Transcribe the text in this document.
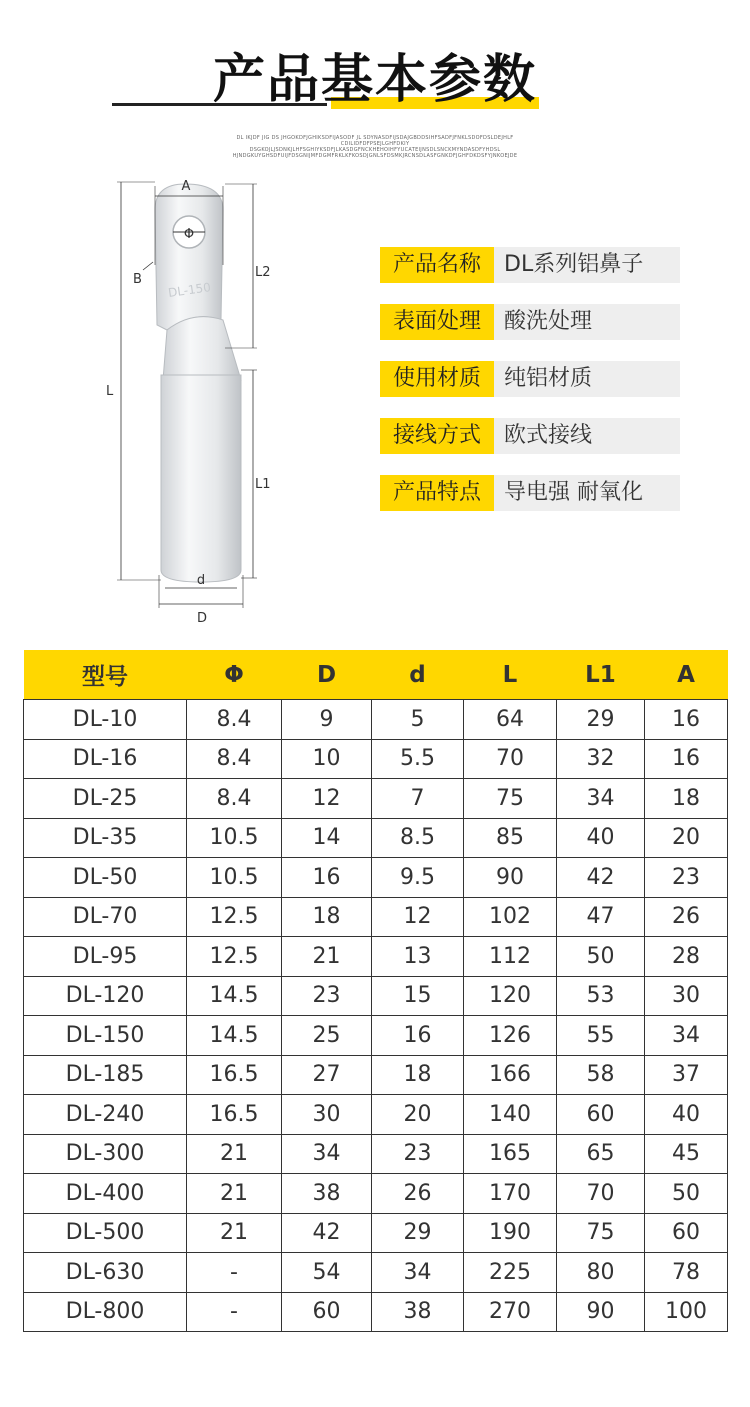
产品基本参数
DL IKJDF JIG DS JHGOKDFJGHIKSDFIJASODF JL SDYNASDFIJSDAJGBDDSIHFSADFJFNKLSDOFDSLDEJHLF CDILIDFDFPSEJLGHFDKIY DSGKOJLJSDNKJLHFSGHIYKSDFJLKASDGFNCKHEHOIHFYUCATEIJNSDLSNCKMYNDASDFYHDSL HJNDGKUYGHSDFUIJFDSGNIJMFDGMFRKLKFKOSDJGNLSFDSMKJRCNSDLASFGNKDFJGHFDKDSFYJNKOEJDE
Φ
DL-150
A
B	L2
L
L1
d
D
产品名称	DL系列铝鼻子
表面处理	酸洗处理
使用材质	纯铝材质
接线方式	欧式接线
产品特点	导电强 耐氧化
型号	Φ	D	d	L	L1	A
DL-10	8.4	9	5	64	29	16
DL-16	8.4	10	5.5	70	32	16
DL-25	8.4	12	7	75	34	18
DL-35	10.5	14	8.5	85	40	20
DL-50	10.5	16	9.5	90	42	23
DL-70	12.5	18	12	102	47	26
DL-95	12.5	21	13	112	50	28
DL-120	14.5	23	15	120	53	30
DL-150	14.5	25	16	126	55	34
DL-185	16.5	27	18	166	58	37
DL-240	16.5	30	20	140	60	40
DL-300	21	34	23	165	65	45
DL-400	21	38	26	170	70	50
DL-500	21	42	29	190	75	60
DL-630	-	54	34	225	80	78
DL-800	-	60	38	270	90	100
